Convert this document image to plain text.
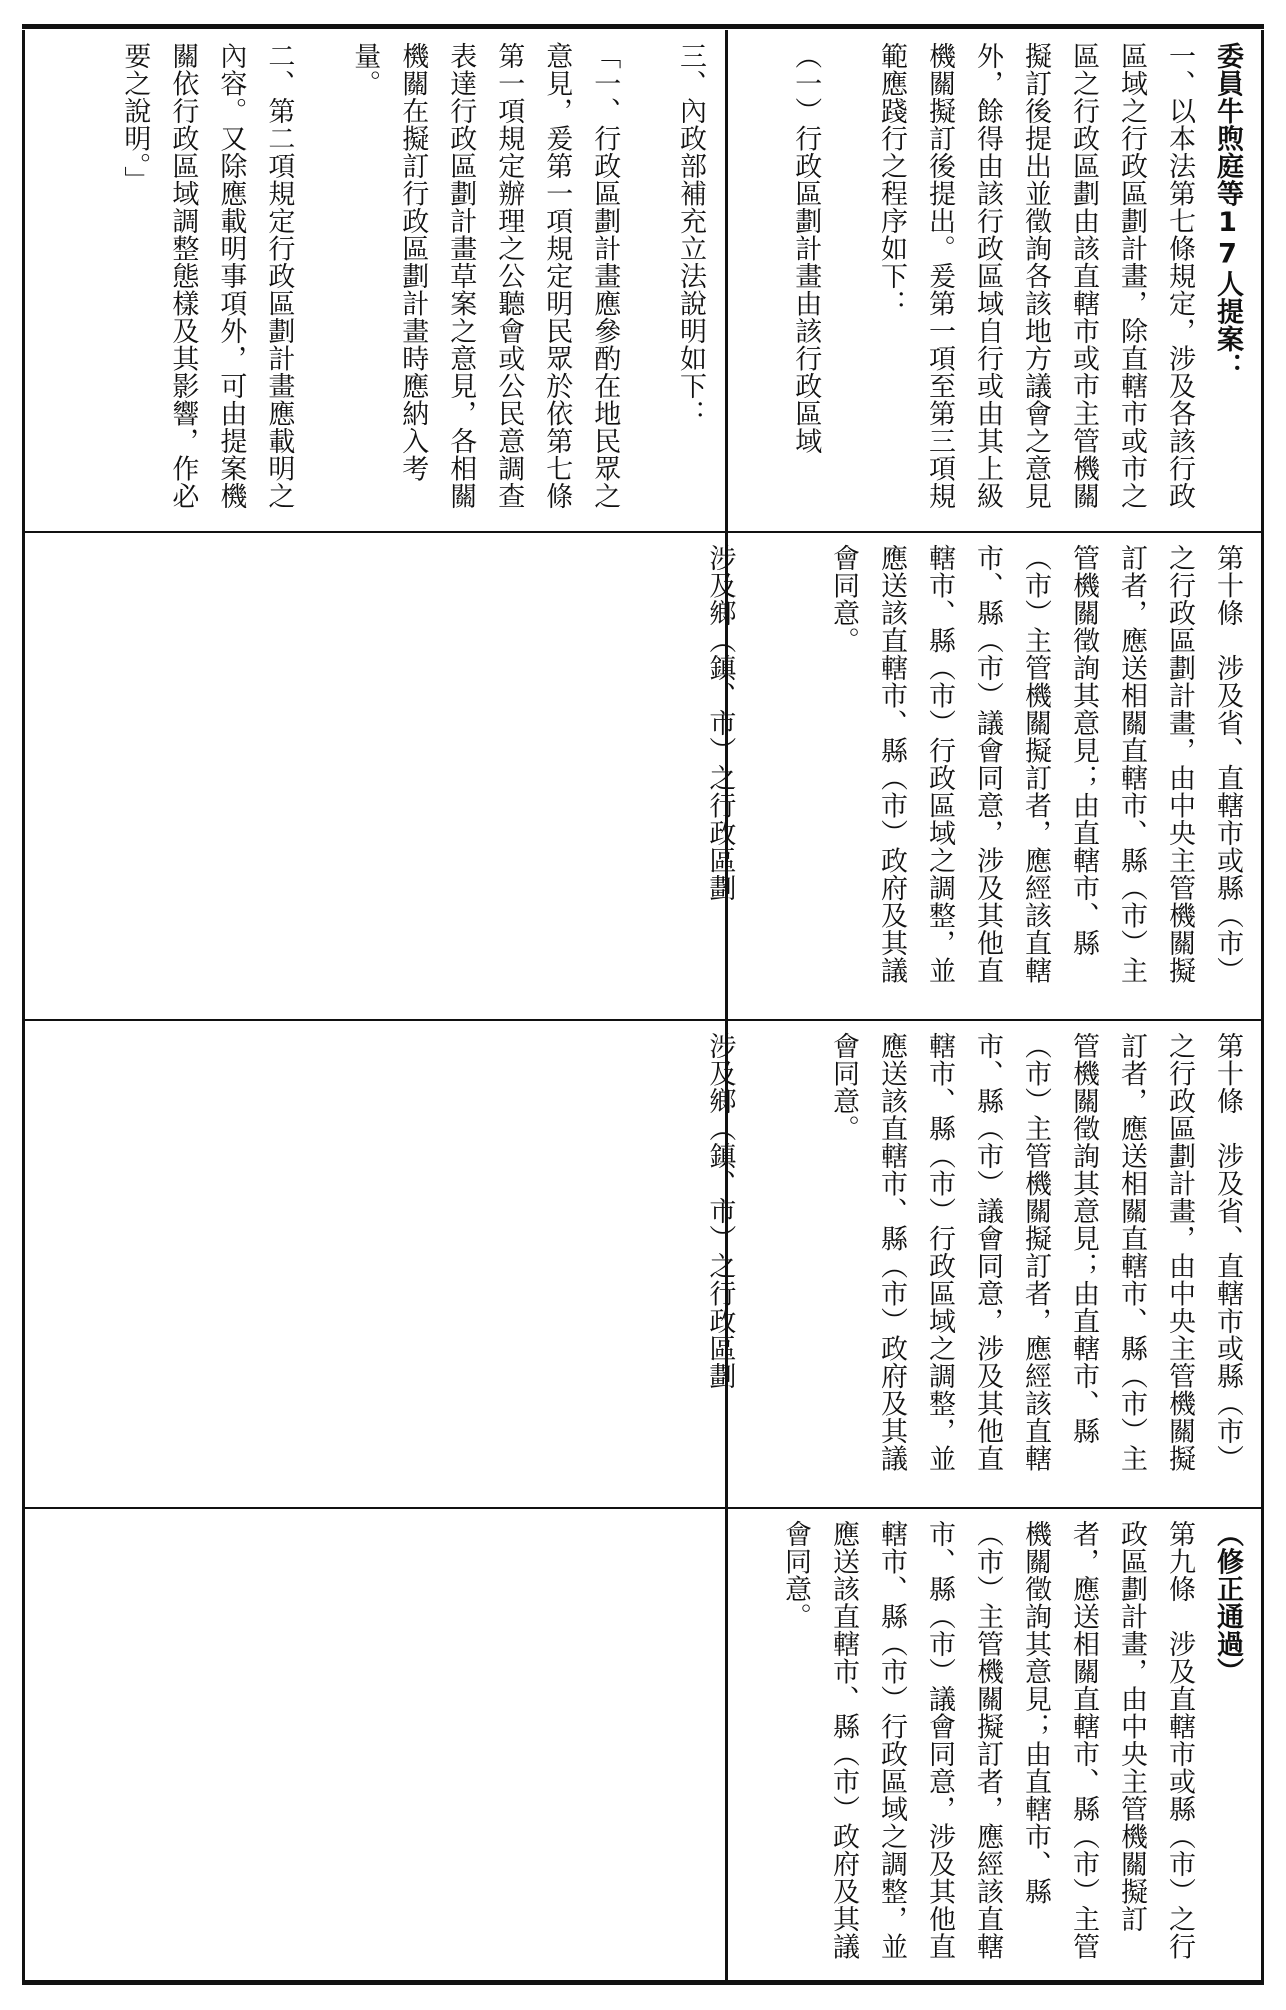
三、內政部補充立法說明如下：

「一、行政區劃計畫應參酌在地民眾之意見，爰第一項規定明民眾於依第七條第一項規定辦理之公聽會或公民意調查表達行政區劃計畫草案之意見，各相關機關在擬訂行政區劃計畫時應納入考量。

二、第二項規定行政區劃計畫應載明之內容。又除應載明事項外，可由提案機關依行政區域調整態樣及其影響，作必要之說明。」	委員牛煦庭等17人提案：

一、以本法第七條規定，涉及各該行政區域之行政區劃計畫，除直轄市或市之區之行政區劃由該直轄市或市主管機關擬訂後提出並徵詢各該地方議會之意見外，餘得由該行政區域自行或由其上級機關擬訂後提出。爰第一項至第三項規範應踐行之程序如下：

（一）行政區劃計畫由該行政區域

第十條　涉及省、直轄市或縣（市）之行政區劃計畫，由中央主管機關擬訂者，應送相關直轄市、縣（市）主管機關徵詢其意見；由直轄市、縣（市）主管機關擬訂者，應經該直轄市、縣（市）議會同意，涉及其他直轄市、縣（市）行政區域之調整，並應送該直轄市、縣（市）政府及其議會同意。

涉及鄉（鎮、市）之行政區劃

第十條　涉及省、直轄市或縣（市）之行政區劃計畫，由中央主管機關擬訂者，應送相關直轄市、縣（市）主管機關徵詢其意見；由直轄市、縣（市）主管機關擬訂者，應經該直轄市、縣（市）議會同意，涉及其他直轄市、縣（市）行政區域之調整，並應送該直轄市、縣（市）政府及其議會同意。

涉及鄉（鎮、市）之行政區劃

（修正通過）

第九條　涉及直轄市或縣（市）之行政區劃計畫，由中央主管機關擬訂者，應送相關直轄市、縣（市）主管機關徵詢其意見；由直轄市、縣（市）主管機關擬訂者，應經該直轄市、縣（市）議會同意，涉及其他直轄市、縣（市）行政區域之調整，並應送該直轄市、縣（市）政府及其議會同意。
